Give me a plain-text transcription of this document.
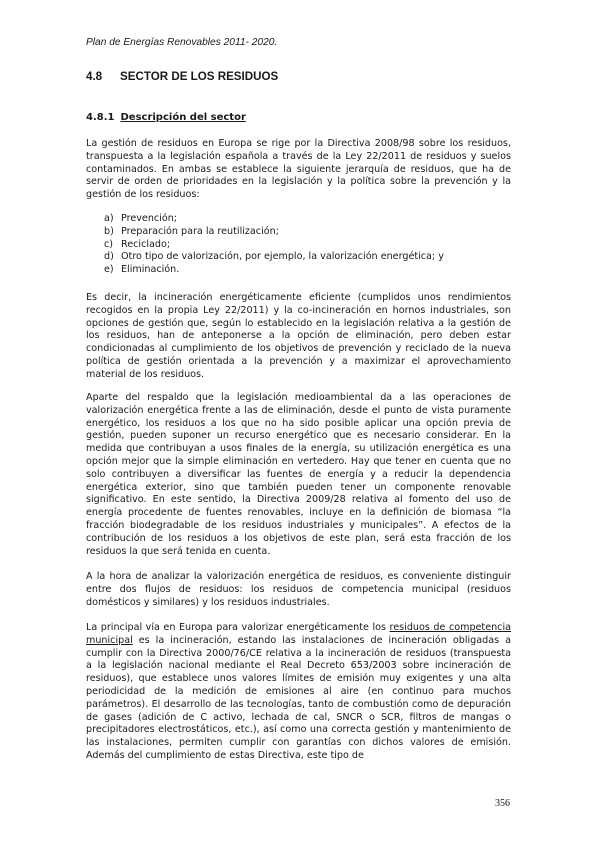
Plan de Energías Renovables 2011- 2020.
4.8 SECTOR DE LOS RESIDUOS
4.8.1 Descripción del sector

La gestión de residuos en Europa se rige por la Directiva 2008/98 sobre los residuos, transpuesta a la legislación española a través de la Ley 22/2011 de residuos y suelos contaminados. En ambas se establece la siguiente jerarquía de residuos, que ha de servir de orden de prioridades en la legislación y la política sobre la prevención y la gestión de los residuos:

a) Prevención;
b) Preparación para la reutilización;
c) Reciclado;
d) Otro tipo de valorización, por ejemplo, la valorización energética; y
e) Eliminación.

Es decir, la incineración energéticamente eficiente (cumplidos unos rendimientos recogidos en la propia Ley 22/2011) y la co-incineración en hornos industriales, son opciones de gestión que, según lo establecido en la legislación relativa a la gestión de los residuos, han de anteponerse a la opción de eliminación, pero deben estar condicionadas al cumplimiento de los objetivos de prevención y reciclado de la nueva política de gestión orientada a la prevención y a maximizar el aprovechamiento material de los residuos.

Aparte del respaldo que la legislación medioambiental da a las operaciones de valorización energética frente a las de eliminación, desde el punto de vista puramente energético, los residuos a los que no ha sido posible aplicar una opción previa de gestión, pueden suponer un recurso energético que es necesario considerar. En la medida que contribuyan a usos finales de la energía, su utilización energética es una opción mejor que la simple eliminación en vertedero. Hay que tener en cuenta que no solo contribuyen a diversificar las fuentes de energía y a reducir la dependencia energética exterior, sino que también pueden tener un componente renovable significativo. En este sentido, la Directiva 2009/28 relativa al fomento del uso de energía procedente de fuentes renovables, incluye en la definición de biomasa “la fracción biodegradable de los residuos industriales y municipales”. A efectos de la contribución de los residuos a los objetivos de este plan, será esta fracción de los residuos la que será tenida en cuenta.

A la hora de analizar la valorización energética de residuos, es conveniente distinguir entre dos flujos de residuos: los residuos de competencia municipal (residuos domésticos y similares) y los residuos industriales.

La principal vía en Europa para valorizar energéticamente los residuos de competencia municipal es la incineración, estando las instalaciones de incineración obligadas a cumplir con la Directiva 2000/76/CE relativa a la incineración de residuos (transpuesta a la legislación nacional mediante el Real Decreto 653/2003 sobre incineración de residuos), que establece unos valores límites de emisión muy exigentes y una alta periodicidad de la medición de emisiones al aire (en continuo para muchos parámetros). El desarrollo de las tecnologías, tanto de combustión como de depuración de gases (adición de C activo, lechada de cal, SNCR o SCR, filtros de mangas o precipitadores electrostáticos, etc.), así como una correcta gestión y mantenimiento de las instalaciones, permiten cumplir con garantías con dichos valores de emisión. Además del cumplimiento de estas Directiva, este tipo de

356
